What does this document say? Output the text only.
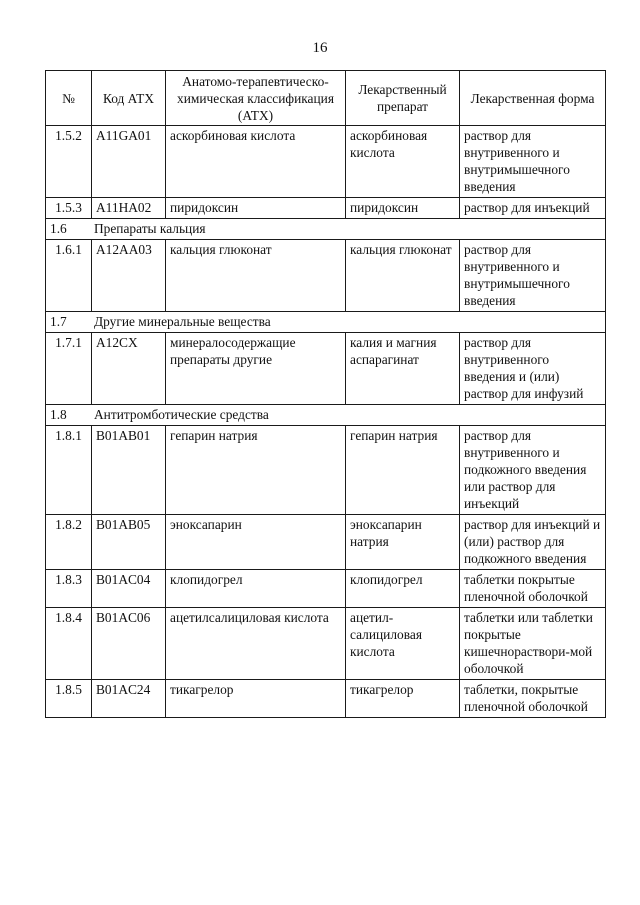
16
№	Код АТХ	Анатомо-терапевтическо-химическая классификация (АТХ)	Лекарственный препарат	Лекарственная форма
1.5.2	A11GA01	аскорбиновая кислота	аскорбиновая кислота	раствор для внутривенного и внутримышечного введения
1.5.3	A11HA02	пиридоксин	пиридоксин	раствор для инъекций
1.6 Препараты кальция				
1.6.1	A12AA03	кальция глюконат	кальция глюконат	раствор для внутривенного и внутримышечного введения
1.7 Другие минеральные вещества				
1.7.1	A12CX	минералосодержащие препараты другие	калия и магния аспарагинат	раствор для внутривенного введения и (или) раствор для инфузий
1.8 Антитромботические средства				
1.8.1	B01AB01	гепарин натрия	гепарин натрия	раствор для внутривенного и подкожного введения или раствор для инъекций
1.8.2	B01AB05	эноксапарин	эноксапарин натрия	раствор для инъекций и (или) раствор для подкожного введения
1.8.3	B01AC04	клопидогрел	клопидогрел	таблетки покрытые пленочной оболочкой
1.8.4	B01AC06	ацетилсалициловая кислота	ацетил-салициловая кислота	таблетки или таблетки покрытые кишечнораствори-мой оболочкой
1.8.5	B01AC24	тикагрелор	тикагрелор	таблетки, покрытые пленочной оболочкой
